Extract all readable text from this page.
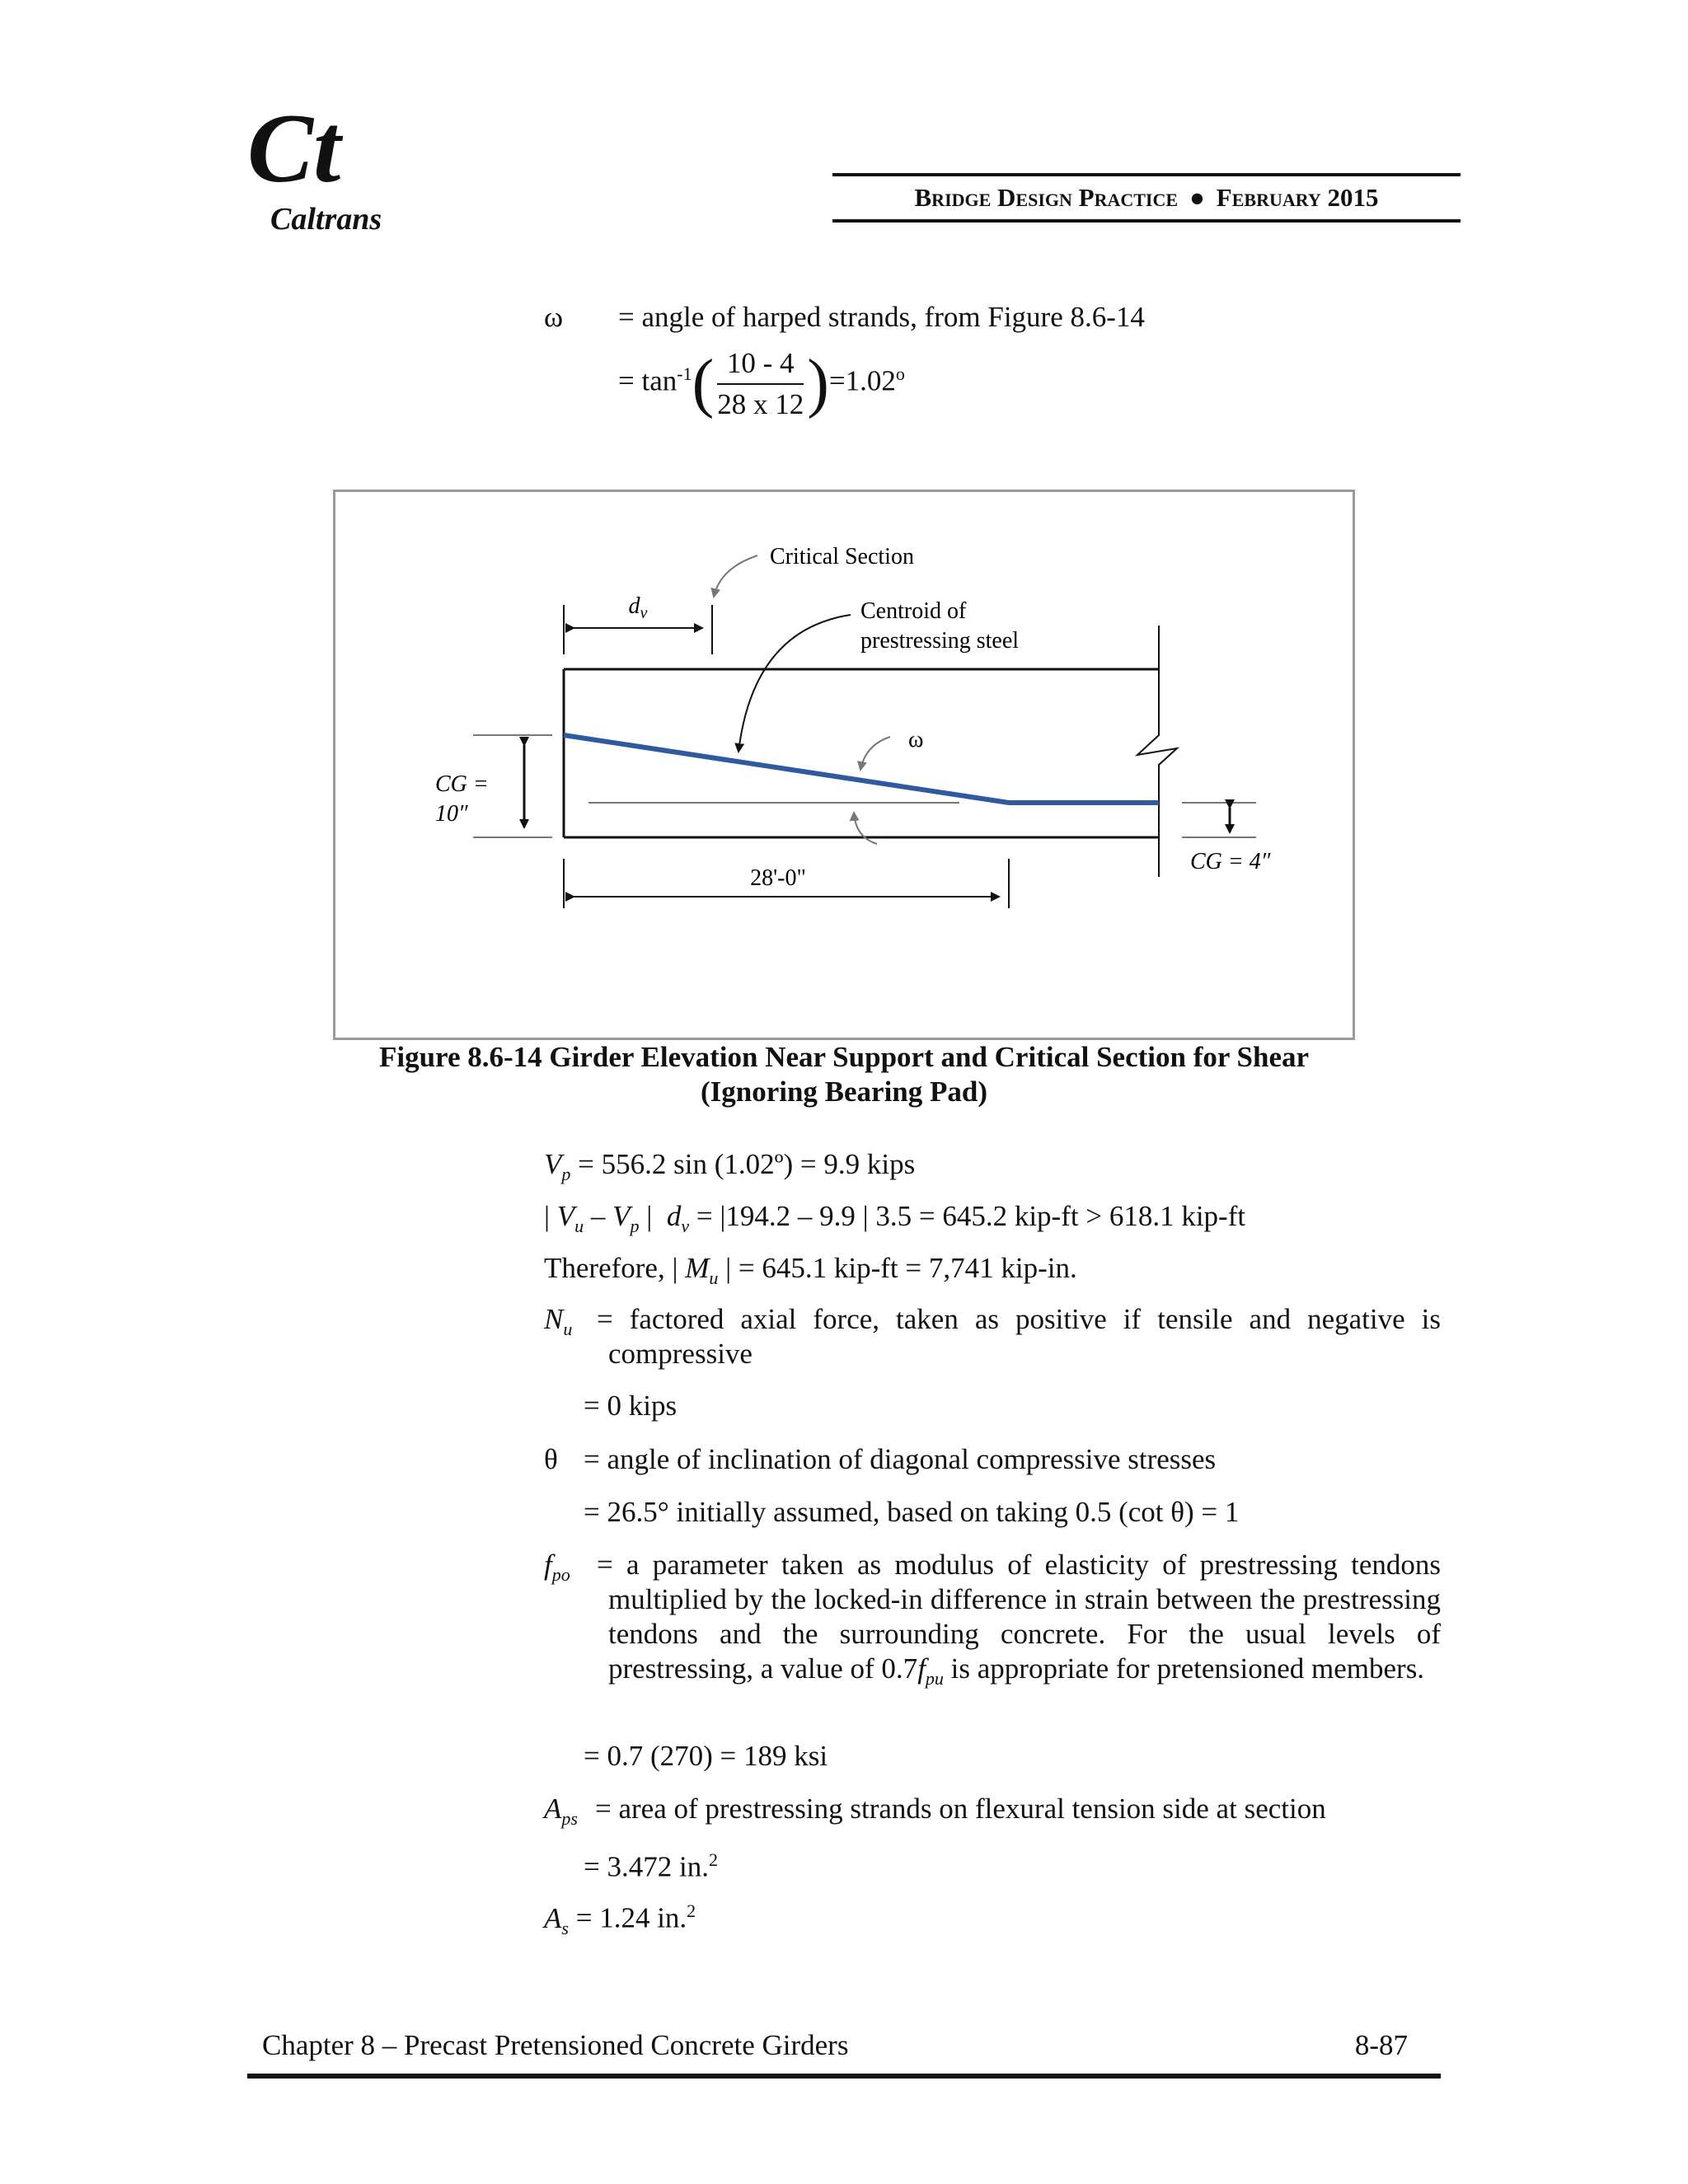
Ct
Caltrans
Bridge Design Practice ● February 2015
ω = angle of harped strands, from Figure 8.6-14
= $\tan^{-1}( \frac{10 - 4}{28 x 12} )=1.02^o$
$d_v$
Critical Section
Centroid of
prestressing steel
ω
CG =
10″
CG = 4″
28'-0"
Figure 8.6-14 Girder Elevation Near Support and Critical Section for Shear
(Ignoring Bearing Pad)
$V_p = 556.2$ sin (1.02º) = 9.9 kips
| $V_u - V_p$ |  $d_v = |194.2 - 9.9$ | 3.5 = 645.2 kip-ft > 618.1 kip-ft
Therefore, | $M_u$ | = 645.1 kip-ft = 7,741 kip-in.
$N_u$ = factored axial force, taken as positive if tensile and negative is compressive
= 0 kips
θ = angle of inclination of diagonal compressive stresses
= 26.5° initially assumed, based on taking 0.5 (cot θ) = 1
$f_{po} = a$ parameter taken as modulus of elasticity of prestressing tendons multiplied by the locked-in difference in strain between the prestressing tendons and the surrounding concrete. For the usual levels of prestressing, a value of $0.7f_{pu}$ is appropriate for pretensioned members.
= 0.7 (270) = 189 ksi
$A_{ps}$ = area of prestressing strands on flexural tension side at section
= 3.472 in.$^2$
$A_s = 1.24$ in.$^2$
Chapter 8 – Precast Pretensioned Concrete Girders	8-87
